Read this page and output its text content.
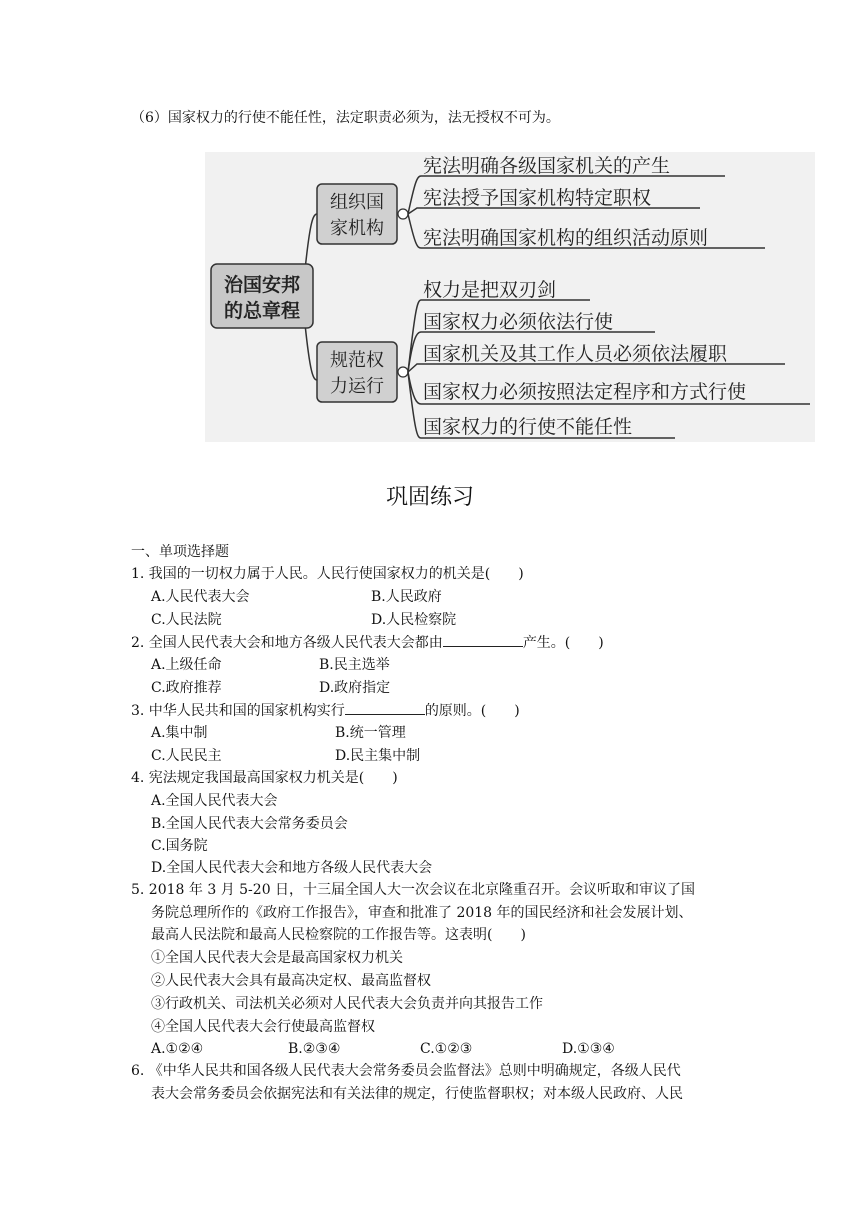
（6）国家权力的行使不能任性，法定职责必须为，法无授权不可为。
治国安邦
的总章程
组织国
家机构
宪法明确各级国家机关的产生
宪法授予国家机构特定职权
宪法明确国家机构的组织活动原则
规范权
力运行
权力是把双刃剑
国家权力必须依法行使
国家机关及其工作人员必须依法履职
国家权力必须按照法定程序和方式行使
国家权力的行使不能任性
巩固练习
一、单项选择题
1. 我国的一切权力属于人民。人民行使国家权力的机关是(　　)
A.人民代表大会	B.人民政府
C.人民法院	D.人民检察院
2. 全国人民代表大会和地方各级人民代表大会都由	产生。(　　)
A.上级任命	B.民主选举
C.政府推荐	D.政府指定
3. 中华人民共和国的国家机构实行	的原则。(　　)
A.集中制	B.统一管理
C.人民民主	D.民主集中制
4. 宪法规定我国最高国家权力机关是(　　)
A.全国人民代表大会
B.全国人民代表大会常务委员会
C.国务院
D.全国人民代表大会和地方各级人民代表大会
5. 2018 年 3 月 5-20 日，十三届全国人大一次会议在北京隆重召开。会议听取和审议了国
务院总理所作的《政府工作报告》，审查和批准了 2018 年的国民经济和社会发展计划、
最高人民法院和最高人民检察院的工作报告等。这表明(　　)
①全国人民代表大会是最高国家权力机关
②人民代表大会具有最高决定权、最高监督权
③行政机关、司法机关必须对人民代表大会负责并向其报告工作
④全国人民代表大会行使最高监督权
A.①②④	B.②③④	C.①②③	D.①③④
6. 《中华人民共和国各级人民代表大会常务委员会监督法》总则中明确规定，各级人民代
表大会常务委员会依据宪法和有关法律的规定，行使监督职权；对本级人民政府、人民
